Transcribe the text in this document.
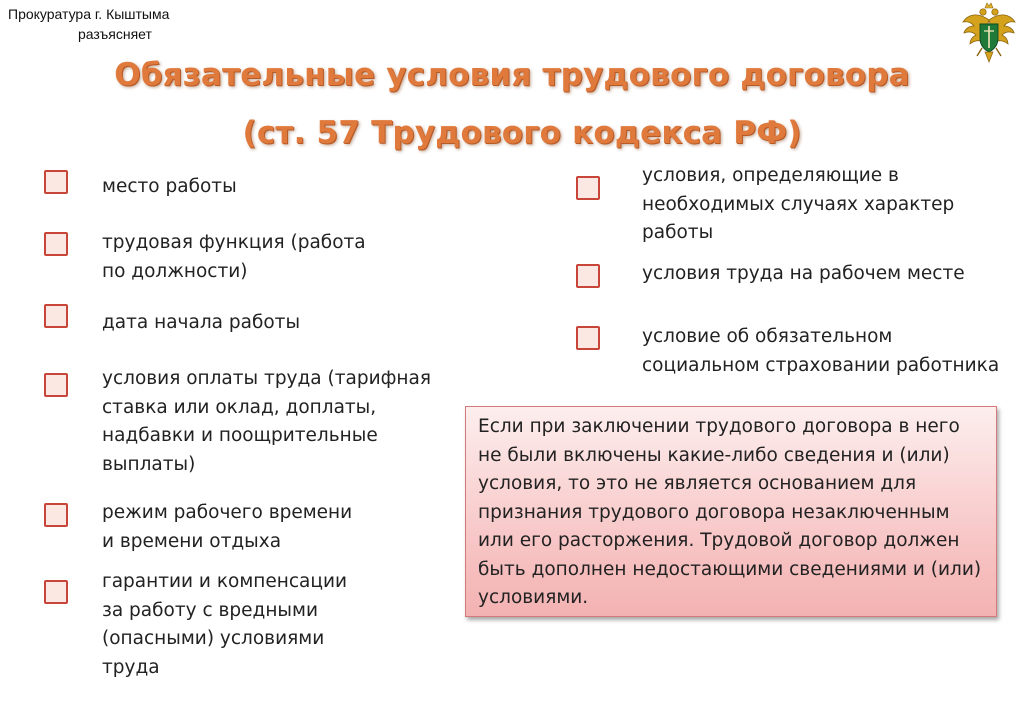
Прокуратура г. Кыштыма
разъясняет
Обязательные условия трудового договора
(ст. 57 Трудового кодекса РФ)
место работы
трудовая функция (работа
по должности)
дата начала работы
условия оплаты труда (тарифная
ставка или оклад, доплаты,
надбавки и поощрительные
выплаты)
режим рабочего времени
и времени отдыха
гарантии и компенсации
за работу с вредными
(опасными) условиями
труда
условия, определяющие в
необходимых случаях характер
работы
условия труда на рабочем месте
условие об обязательном
социальном страховании работника
Если при заключении трудового договора в него не были включены какие-либо сведения и (или) условия, то это не является основанием для признания трудового договора незаключенным или его расторжения. Трудовой договор должен быть дополнен недостающими сведениями и (или) условиями.
